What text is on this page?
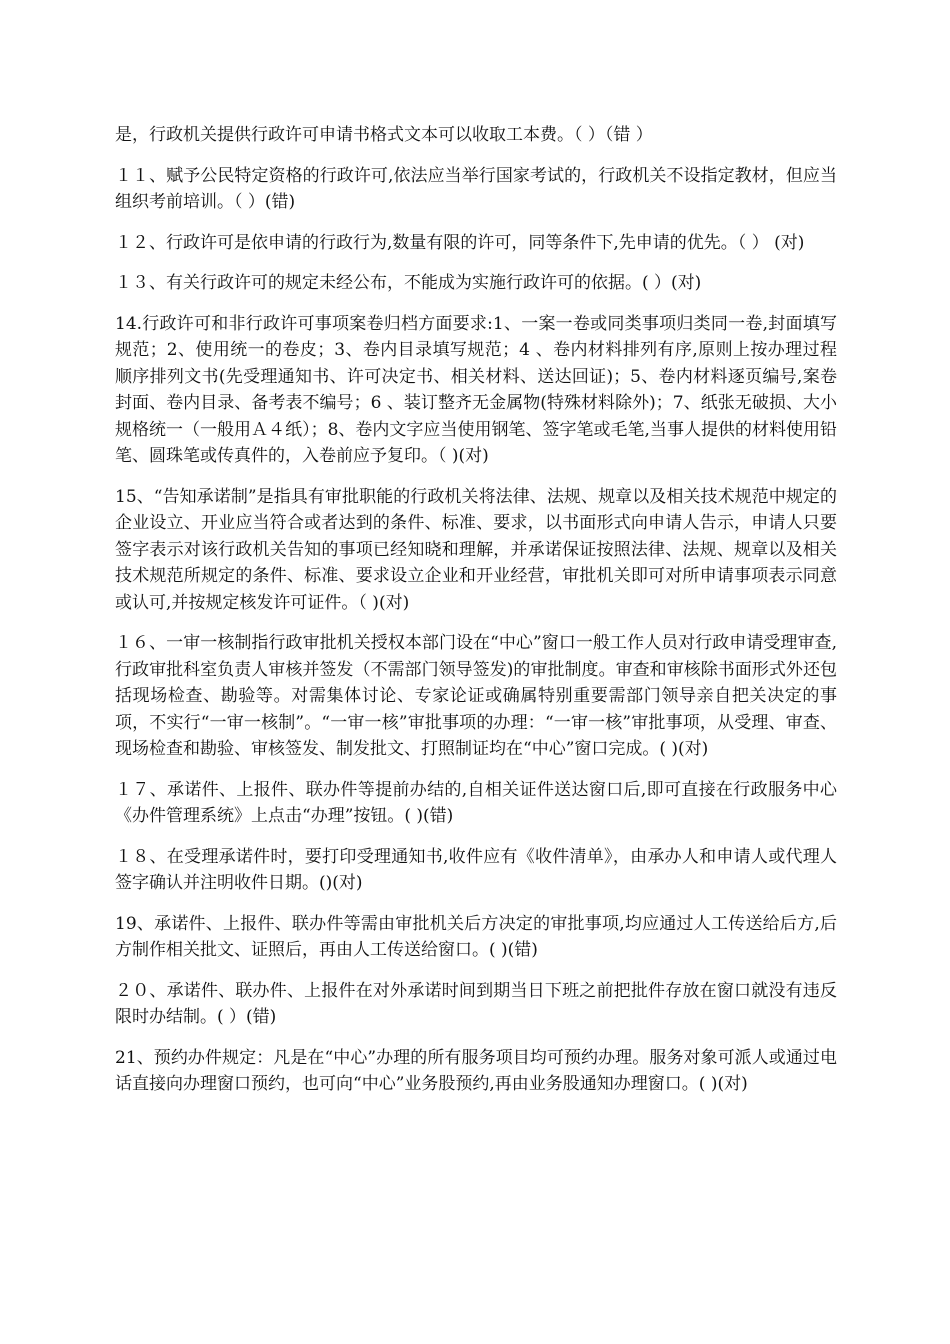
是，行政机关提供行政许可申请书格式文本可以收取工本费。（ ）（错 ）

１１、赋予公民特定资格的行政许可,依法应当举行国家考试的，行政机关不设指定教材，但应当组织考前培训。（ ）(错)

１２、行政许可是依申请的行政行为,数量有限的许可，同等条件下,先申请的优先。（ ） (对)

１３、有关行政许可的规定未经公布，不能成为实施行政许可的依据。( ）(对)

14.行政许可和非行政许可事项案卷归档方面要求:1、一案一卷或同类事项归类同一卷,封面填写规范；2、使用统一的卷皮；3、卷内目录填写规范；4 、卷内材料排列有序,原则上按办理过程顺序排列文书(先受理通知书、许可决定书、相关材料、送达回证)；5、卷内材料逐页编号,案卷封面、卷内目录、备考表不编号；6 、装订整齐无金属物(特殊材料除外)；7、纸张无破损、大小规格统一（一般用Ａ４纸）；8、卷内文字应当使用钢笔、签字笔或毛笔,当事人提供的材料使用铅笔、圆珠笔或传真件的，入卷前应予复印。（ )(对)

15、“告知承诺制”是指具有审批职能的行政机关将法律、法规、规章以及相关技术规范中规定的企业设立、开业应当符合或者达到的条件、标准、要求，以书面形式向申请人告示，申请人只要签字表示对该行政机关告知的事项已经知晓和理解，并承诺保证按照法律、法规、规章以及相关技术规范所规定的条件、标准、要求设立企业和开业经营，审批机关即可对所申请事项表示同意或认可,并按规定核发许可证件。（ )(对)

１６、一审一核制指行政审批机关授权本部门设在“中心”窗口一般工作人员对行政申请受理审查,行政审批科室负责人审核并签发（不需部门领导签发)的审批制度。审查和审核除书面形式外还包括现场检查、勘验等。对需集体讨论、专家论证或确属特别重要需部门领导亲自把关决定的事项，不实行“一审一核制”。“一审一核”审批事项的办理：“一审一核”审批事项，从受理、审查、现场检查和勘验、审核签发、制发批文、打照制证均在“中心”窗口完成。( )(对)

１７、承诺件、上报件、联办件等提前办结的,自相关证件送达窗口后,即可直接在行政服务中心《办件管理系统》上点击“办理”按钮。( )(错)

１８、在受理承诺件时，要打印受理通知书,收件应有《收件清单》，由承办人和申请人或代理人签字确认并注明收件日期。()(对)

19、承诺件、上报件、联办件等需由审批机关后方决定的审批事项,均应通过人工传送给后方,后方制作相关批文、证照后，再由人工传送给窗口。( )(错)

２０、承诺件、联办件、上报件在对外承诺时间到期当日下班之前把批件存放在窗口就没有违反限时办结制。( ）(错)

21、预约办件规定：凡是在“中心”办理的所有服务项目均可预约办理。服务对象可派人或通过电话直接向办理窗口预约，也可向“中心”业务股预约,再由业务股通知办理窗口。( )(对)
